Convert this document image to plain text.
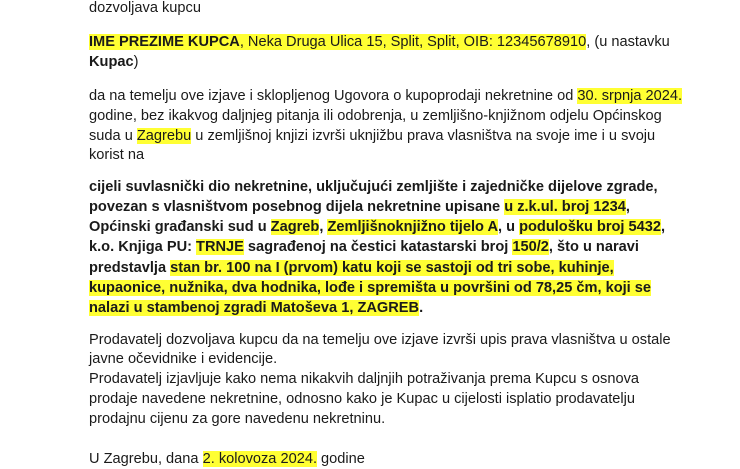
dozvoljava kupcu
IME PREZIME KUPCA, Neka Druga Ulica 15, Split, Split, OIB: 12345678910, (u nastavku
Kupac)
da na temelju ove izjave i sklopljenog Ugovora o kupoprodaji nekretnine od 30. srpnja 2024.
godine, bez ikakvog daljnjeg pitanja ili odobrenja, u zemljišno-knjižnom odjelu Općinskog
suda u Zagrebu u zemljišnoj knjizi izvrši uknjižbu prava vlasništva na svoje ime i u svoju
korist na
cijeli suvlasnički dio nekretnine, uključujući zemljište i zajedničke dijelove zgrade,
povezan s vlasništvom posebnog dijela nekretnine upisane u z.k.ul. broj 1234,
Općinski građanski sud u Zagreb, Zemljišnoknjižno tijelo A, u podulošku broj 5432,
k.o. Knjiga PU: TRNJE sagrađenoj na čestici katastarski broj 150/2, što u naravi
predstavlja stan br. 100 na I (prvom) katu koji se sastoji od tri sobe, kuhinje,
kupaonice, nužnika, dva hodnika, lođe i spremišta u površini od 78,25 čm, koji se
nalazi u stambenoj zgradi Matoševa 1, ZAGREB.
Prodavatelj dozvoljava kupcu da na temelju ove izjave izvrši upis prava vlasništva u ostale
javne očevidnike i evidencije.
Prodavatelj izjavljuje kako nema nikakvih daljnjih potraživanja prema Kupcu s osnova
prodaje navedene nekretnine, odnosno kako je Kupac u cijelosti isplatio prodavatelju
prodajnu cijenu za gore navedenu nekretninu.
U Zagrebu, dana 2. kolovoza 2024. godine
